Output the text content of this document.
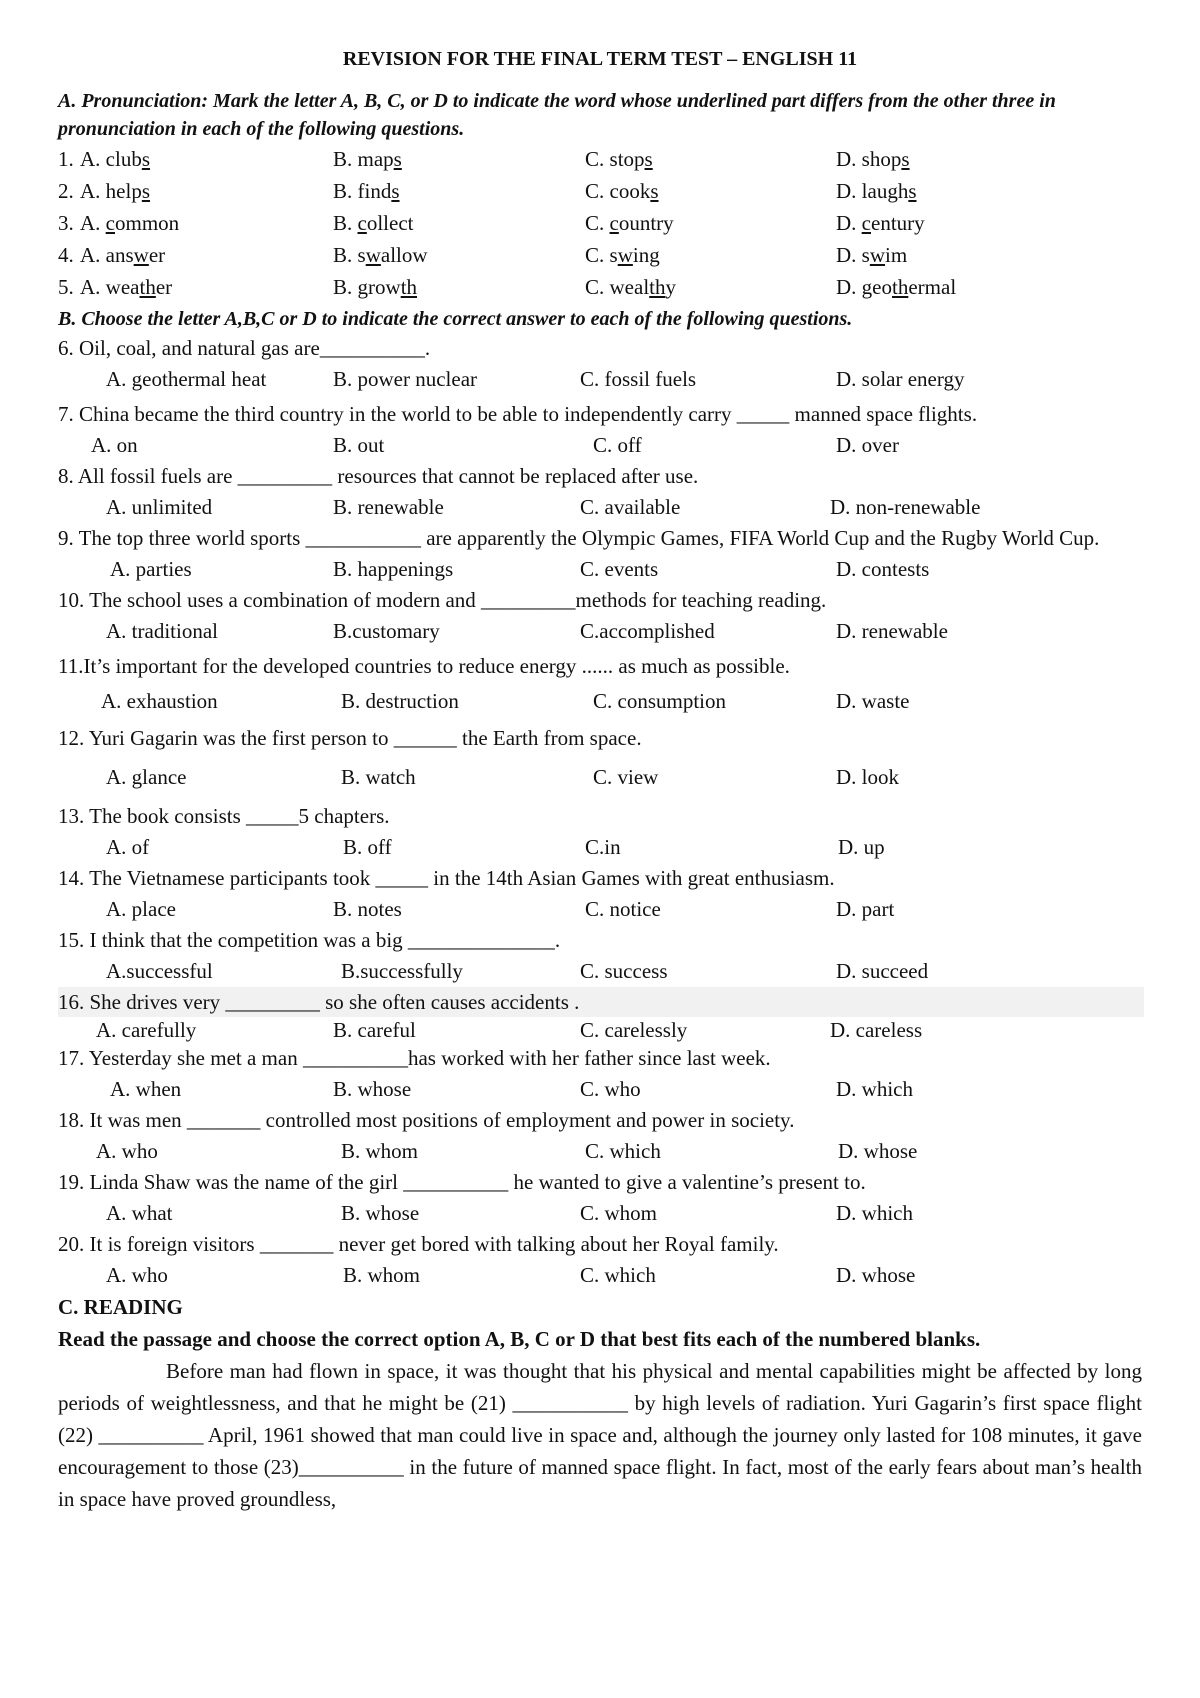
REVISION FOR THE FINAL TERM TEST – ENGLISH 11
A. Pronunciation: Mark the letter A, B, C, or D to indicate the word whose underlined part differs from the other three in pronunciation in each of the following questions.
1. A. clubs	B. maps	C. stops	D. shops
2. A. helps	B. finds	C. cooks	D. laughs
3. A. common	B. collect	C. country	D. century
4. A. answer	B. swallow	C. swing	D. swim
5. A. weather	B. growth	C. wealthy	D. geothermal
B. Choose the letter A,B,C or D to indicate the correct answer to each of the following questions.
6. Oil, coal, and natural gas are__________.
A. geothermal heat	B. power nuclear	C. fossil fuels	D. solar energy
7. China became the third country in the world to be able to independently carry _____ manned space flights.
A. on	B. out	C. off	D. over
8. All fossil fuels are _________ resources that cannot be replaced after use.
A. unlimited	B. renewable	C. available	D. non-renewable
9. The top three world sports ___________ are apparently the Olympic Games, FIFA World Cup and the Rugby World Cup.
A. parties	B. happenings	C. events	D. contests
10. The school uses a combination of modern and _________methods for teaching reading.
A. traditional	B.customary	C.accomplished	D. renewable
11.It’s important for the developed countries to reduce energy ...... as much as possible.
A. exhaustion	B. destruction	C. consumption	D. waste
12. Yuri Gagarin was the first person to ______ the Earth from space.
A. glance	B. watch	C. view	D. look
13. The book consists _____5 chapters.
A. of	B. off	C.in	D. up
14. The Vietnamese participants took _____ in the 14th Asian Games with great enthusiasm.
A. place	B. notes	C. notice	D. part
15. I think that the competition was a big ______________.
A.successful	B.successfully	C. success	D. succeed
16. She drives very _________ so she often causes accidents .
A. carefully	B. careful	C. carelessly	D. careless
17. Yesterday she met a man __________has worked with her father since last week.
A. when	B. whose	C. who	D. which
18. It was men _______ controlled most positions of employment and power in society.
A. who	B. whom	C. which	D. whose
19. Linda Shaw was the name of the girl __________ he wanted to give a valentine’s present to.
A. what	B. whose	C. whom	D. which
20. It is foreign visitors _______ never get bored with talking about her Royal family.
A. who	B. whom	C. which	D. whose
C. READING
Read the passage and choose the correct option A, B, C or D that best fits each of the numbered blanks.
Before man had flown in space, it was thought that his physical and mental capabilities might be affected by long periods of weightlessness, and that he might be (21) ___________ by high levels of radiation. Yuri Gagarin’s first space flight (22) __________ April, 1961 showed that man could live in space and, although the journey only lasted for 108 minutes, it gave encouragement to those (23)__________ in the future of manned space flight. In fact, most of the early fears about man’s health in space have proved groundless,
